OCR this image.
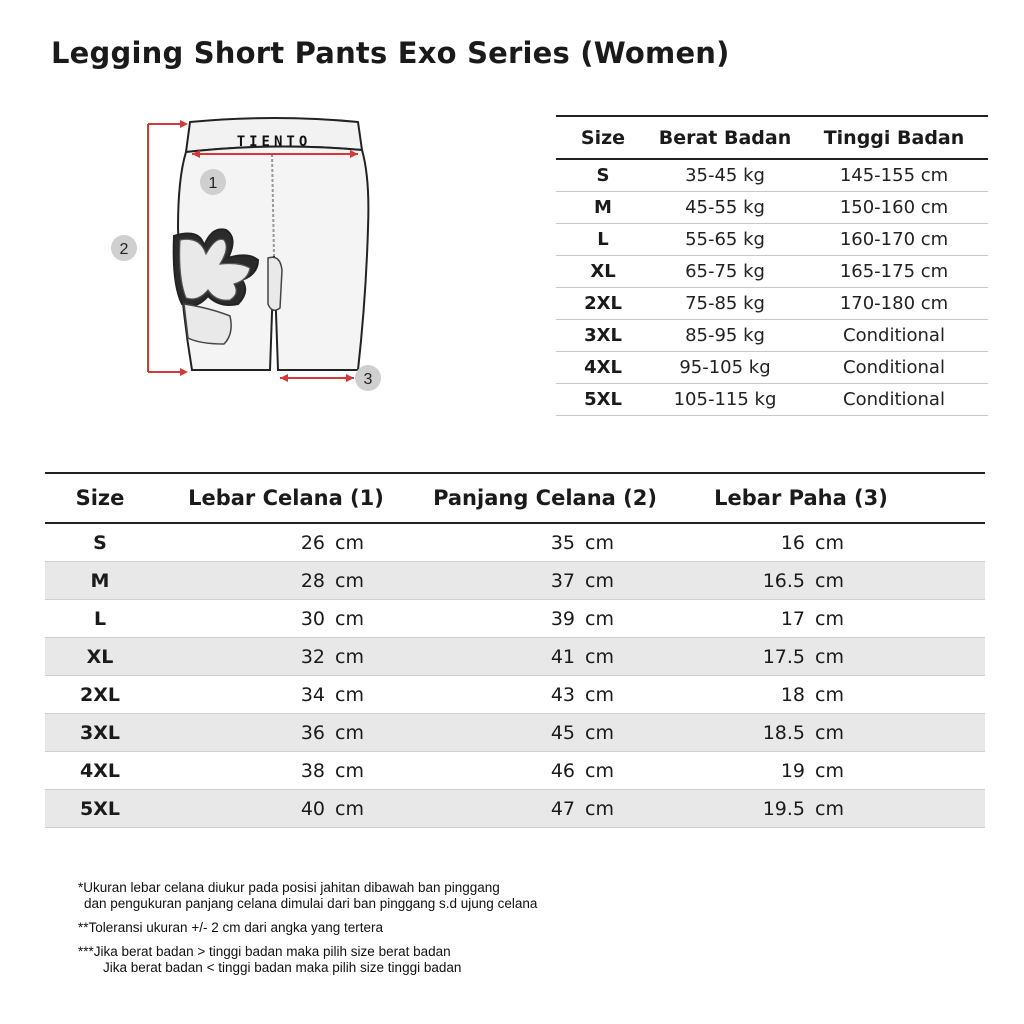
Legging Short Pants Exo Series (Women)
TIENTO
1
2
3
Size	Berat Badan	Tinggi Badan
S	35-45 kg	145-155 cm
M	45-55 kg	150-160 cm
L	55-65 kg	160-170 cm
XL	65-75 kg	165-175 cm
2XL	75-85 kg	170-180 cm
3XL	85-95 kg	Conditional
4XL	95-105 kg	Conditional
5XL	105-115 kg	Conditional
Size	Lebar Celana (1)	Panjang Celana (2)	Lebar Paha (3)
S	26 cm	35 cm	16 cm
M	28 cm	37 cm	16.5 cm
L	30 cm	39 cm	17 cm
XL	32 cm	41 cm	17.5 cm
2XL	34 cm	43 cm	18 cm
3XL	36 cm	45 cm	18.5 cm
4XL	38 cm	46 cm	19 cm
5XL	40 cm	47 cm	19.5 cm

*Ukuran lebar celana diukur pada posisi jahitan dibawah ban pinggang
dan pengukuran panjang celana dimulai dari ban pinggang s.d ujung celana

**Toleransi ukuran +/- 2 cm dari angka yang tertera

***Jika berat badan > tinggi badan maka pilih size berat badan
Jika berat badan < tinggi badan maka pilih size tinggi badan
